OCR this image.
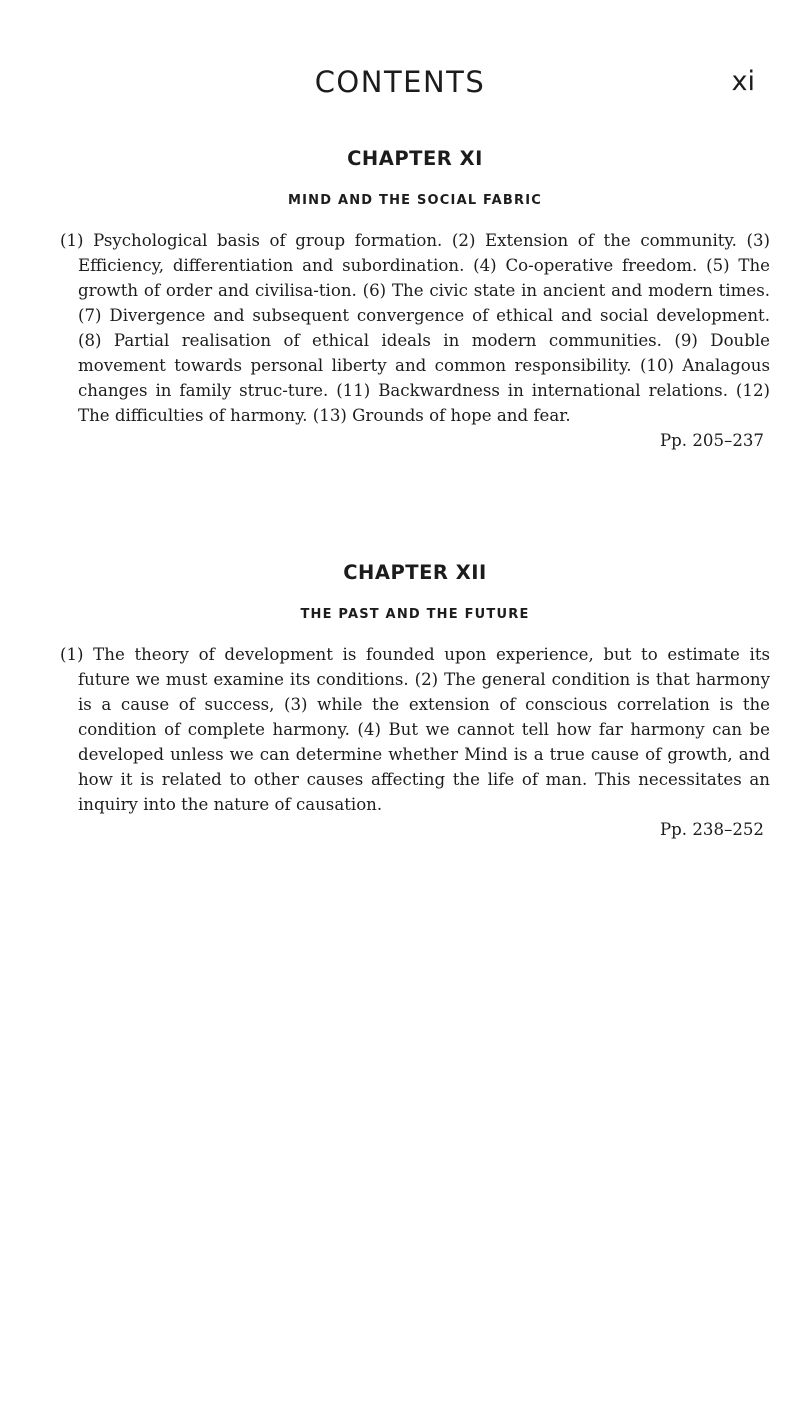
CONTENTS	xi
CHAPTER XI
MIND AND THE SOCIAL FABRIC

(1) Psychological basis of group formation. (2) Extension of the community. (3) Efficiency, differentiation and subordination. (4) Co-operative freedom. (5) The growth of order and civilisa-tion. (6) The civic state in ancient and modern times. (7) Divergence and subsequent convergence of ethical and social development. (8) Partial realisation of ethical ideals in modern communities. (9) Double movement towards personal liberty and common responsibility. (10) Analagous changes in family struc-ture. (11) Backwardness in international relations. (12) The difficulties of harmony. (13) Grounds of hope and fear.

Pp. 205–237

CHAPTER XII
THE PAST AND THE FUTURE

(1) The theory of development is founded upon experience, but to estimate its future we must examine its conditions. (2) The general condition is that harmony is a cause of success, (3) while the extension of conscious correlation is the condition of complete harmony. (4) But we cannot tell how far harmony can be developed unless we can determine whether Mind is a true cause of growth, and how it is related to other causes affecting the life of man. This necessitates an inquiry into the nature of causation.

Pp. 238–252
